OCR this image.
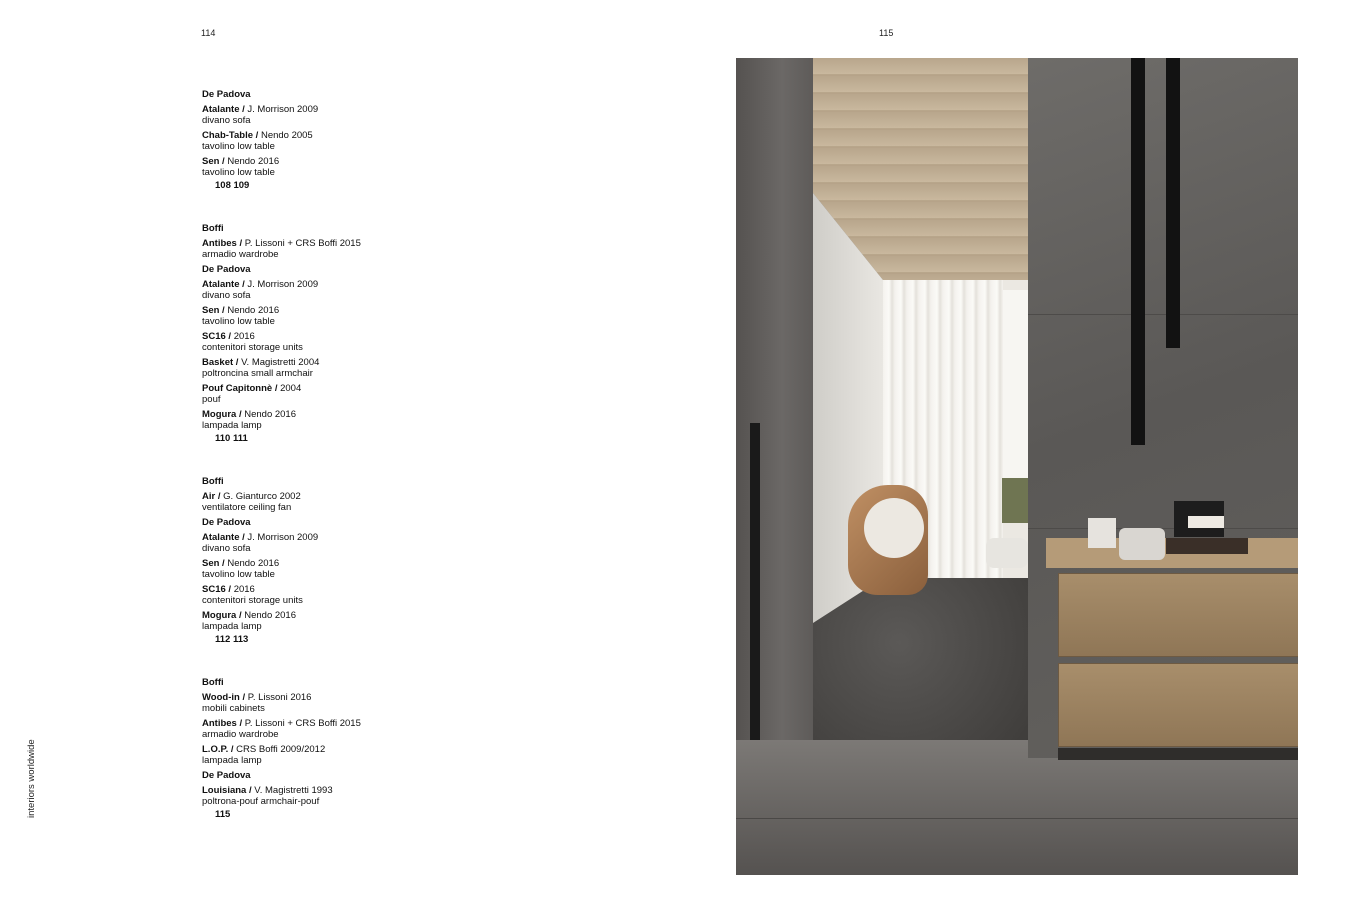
114	115
interiors worldwide
De Padova
Atalante / J. Morrison 2009
divano sofa
Chab-Table / Nendo 2005
tavolino low table
Sen / Nendo 2016
tavolino low table
108 109
Boffi
Antibes / P. Lissoni + CRS Boffi 2015
armadio wardrobe
De Padova
Atalante / J. Morrison 2009
divano sofa
Sen / Nendo 2016
tavolino low table
SC16 / 2016
contenitori storage units
Basket / V. Magistretti 2004
poltroncina small armchair
Pouf Capitonnè / 2004
pouf
Mogura / Nendo 2016
lampada lamp
110 111
Boffi
Air / G. Gianturco 2002
ventilatore ceiling fan
De Padova
Atalante / J. Morrison 2009
divano sofa
Sen / Nendo 2016
tavolino low table
SC16 / 2016
contenitori storage units
Mogura / Nendo 2016
lampada lamp
112 113
Boffi
Wood-in / P. Lissoni 2016
mobili cabinets
Antibes / P. Lissoni + CRS Boffi 2015
armadio wardrobe
L.O.P. / CRS Boffi 2009/2012
lampada lamp
De Padova
Louisiana / V. Magistretti 1993
poltrona-pouf armchair-pouf
115
